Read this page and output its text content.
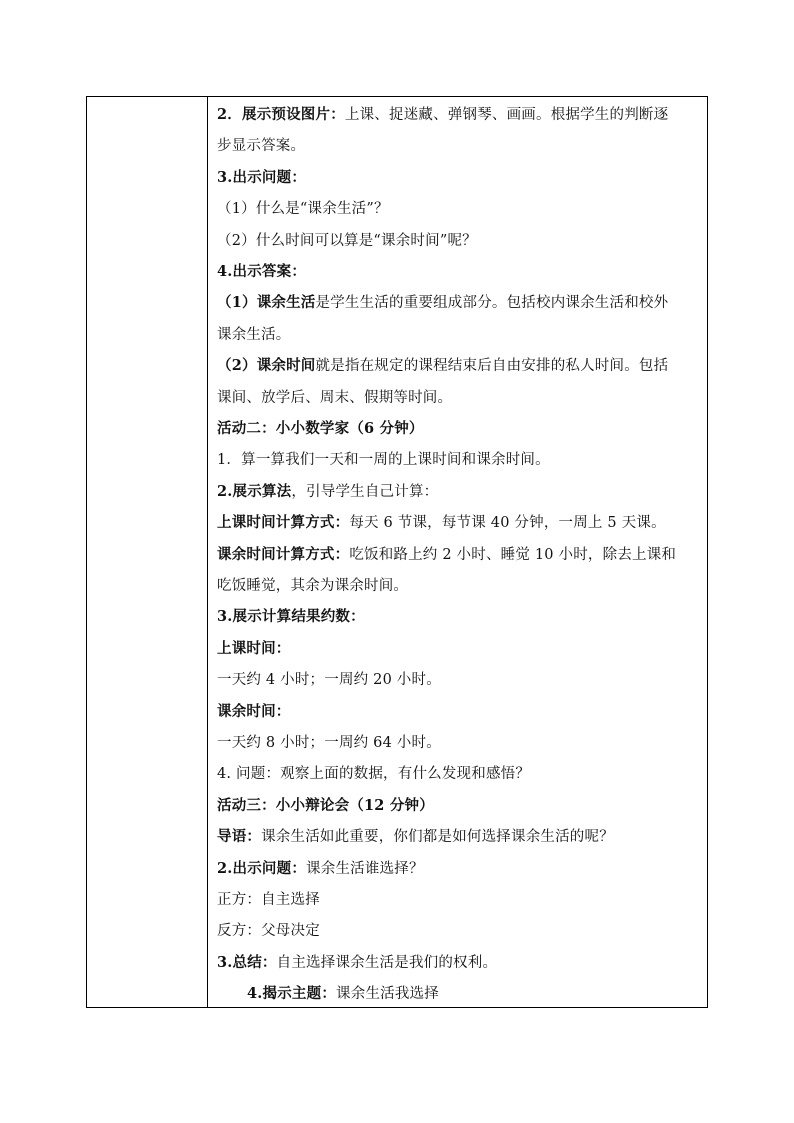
2．展示预设图片：上课、捉迷藏、弹钢琴、画画。根据学生的判断逐
步显示答案。
3.出示问题：
（1）什么是“课余生活”？
（2）什么时间可以算是“课余时间”呢？
4.出示答案：
（1）课余生活是学生生活的重要组成部分。包括校内课余生活和校外
课余生活。
（2）课余时间就是指在规定的课程结束后自由安排的私人时间。包括
课间、放学后、周末、假期等时间。
活动二：小小数学家（6 分钟）
1．算一算我们一天和一周的上课时间和课余时间。
2.展示算法，引导学生自己计算：
上课时间计算方式：每天 6 节课，每节课 40 分钟，一周上 5 天课。
课余时间计算方式：吃饭和路上约 2 小时、睡觉 10 小时，除去上课和
吃饭睡觉，其余为课余时间。
3.展示计算结果约数：
上课时间：
一天约 4 小时；一周约 20 小时。
课余时间：
一天约 8 小时；一周约 64 小时。
4. 问题：观察上面的数据，有什么发现和感悟？
活动三：小小辩论会（12 分钟）
导语：课余生活如此重要，你们都是如何选择课余生活的呢？
2.出示问题：课余生活谁选择？
正方：自主选择
反方：父母决定
3.总结：自主选择课余生活是我们的权利。
4.揭示主题：课余生活我选择
